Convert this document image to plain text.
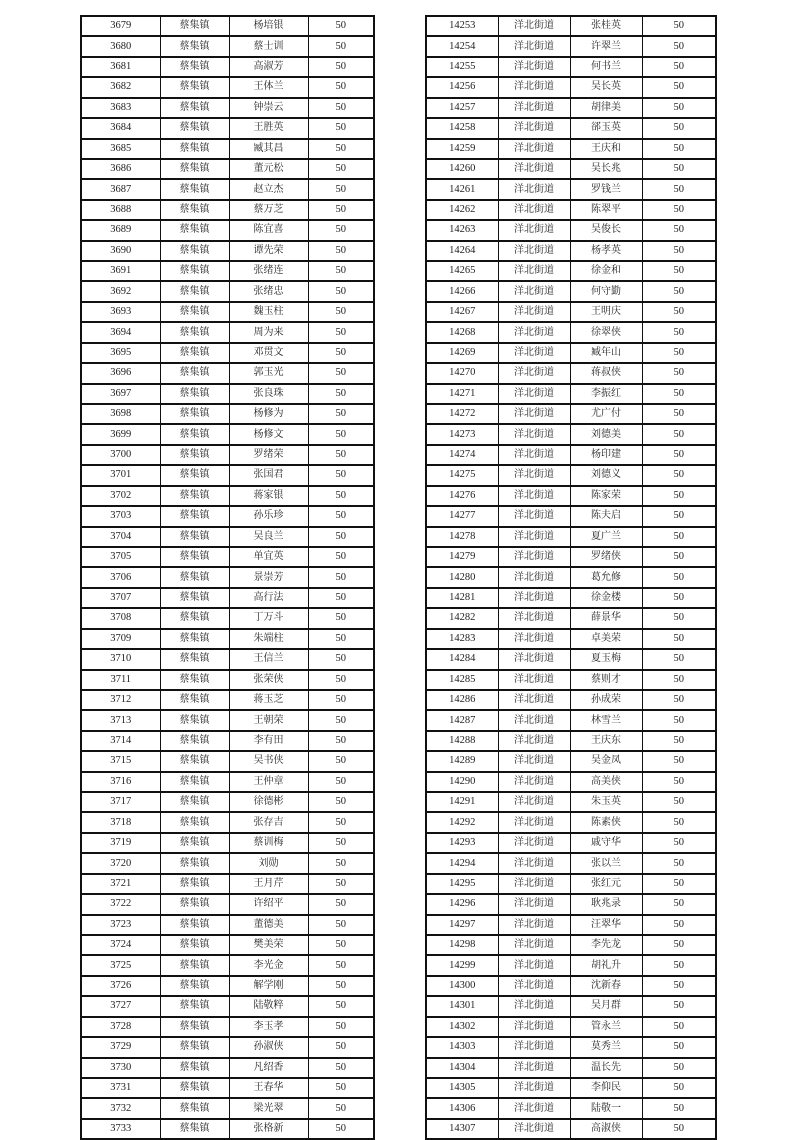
3679	蔡集镇	杨培银	50
3680	蔡集镇	蔡士训	50
3681	蔡集镇	高淑芳	50
3682	蔡集镇	王体兰	50
3683	蔡集镇	钟崇云	50
3684	蔡集镇	王胜英	50
3685	蔡集镇	臧其昌	50
3686	蔡集镇	董元松	50
3687	蔡集镇	赵立杰	50
3688	蔡集镇	蔡万芝	50
3689	蔡集镇	陈宜喜	50
3690	蔡集镇	谭先荣	50
3691	蔡集镇	张绪连	50
3692	蔡集镇	张绪忠	50
3693	蔡集镇	魏玉柱	50
3694	蔡集镇	周为来	50
3695	蔡集镇	邓贯文	50
3696	蔡集镇	郭玉光	50
3697	蔡集镇	张良珠	50
3698	蔡集镇	杨修为	50
3699	蔡集镇	杨修文	50
3700	蔡集镇	罗绪荣	50
3701	蔡集镇	张国君	50
3702	蔡集镇	蒋家银	50
3703	蔡集镇	孙乐珍	50
3704	蔡集镇	吴良兰	50
3705	蔡集镇	单宜英	50
3706	蔡集镇	景崇芳	50
3707	蔡集镇	高行法	50
3708	蔡集镇	丁万斗	50
3709	蔡集镇	朱端柱	50
3710	蔡集镇	王信兰	50
3711	蔡集镇	张荣侠	50
3712	蔡集镇	蒋玉芝	50
3713	蔡集镇	王朝荣	50
3714	蔡集镇	李有田	50
3715	蔡集镇	吴书侠	50
3716	蔡集镇	王仲章	50
3717	蔡集镇	徐德彬	50
3718	蔡集镇	张存吉	50
3719	蔡集镇	蔡训梅	50
3720	蔡集镇	刘勋	50
3721	蔡集镇	王月芹	50
3722	蔡集镇	许绍平	50
3723	蔡集镇	董德美	50
3724	蔡集镇	樊美荣	50
3725	蔡集镇	李光金	50
3726	蔡集镇	解学刚	50
3727	蔡集镇	陆敬粹	50
3728	蔡集镇	李玉孝	50
3729	蔡集镇	孙淑侠	50
3730	蔡集镇	凡绍香	50
3731	蔡集镇	王春华	50
3732	蔡集镇	梁光翠	50
3733	蔡集镇	张格新	50
14253	洋北街道	张桂英	50
14254	洋北街道	许翠兰	50
14255	洋北街道	何书兰	50
14256	洋北街道	吴长英	50
14257	洋北街道	胡律美	50
14258	洋北街道	郤玉英	50
14259	洋北街道	王庆和	50
14260	洋北街道	吴长兆	50
14261	洋北街道	罗钱兰	50
14262	洋北街道	陈翠平	50
14263	洋北街道	吴俊长	50
14264	洋北街道	杨孝英	50
14265	洋北街道	徐金和	50
14266	洋北街道	何守勤	50
14267	洋北街道	王明庆	50
14268	洋北街道	徐翠侠	50
14269	洋北街道	臧年山	50
14270	洋北街道	蒋叔侠	50
14271	洋北街道	李振红	50
14272	洋北街道	尤广付	50
14273	洋北街道	刘德美	50
14274	洋北街道	杨印建	50
14275	洋北街道	刘德义	50
14276	洋北街道	陈家荣	50
14277	洋北街道	陈夫启	50
14278	洋北街道	夏广兰	50
14279	洋北街道	罗绪侠	50
14280	洋北街道	葛允修	50
14281	洋北街道	徐金楼	50
14282	洋北街道	薛景华	50
14283	洋北街道	卓美荣	50
14284	洋北街道	夏玉梅	50
14285	洋北街道	蔡则才	50
14286	洋北街道	孙成荣	50
14287	洋北街道	林雪兰	50
14288	洋北街道	王庆东	50
14289	洋北街道	吴金凤	50
14290	洋北街道	高美侠	50
14291	洋北街道	朱玉英	50
14292	洋北街道	陈素侠	50
14293	洋北街道	戚守华	50
14294	洋北街道	张以兰	50
14295	洋北街道	张红元	50
14296	洋北街道	耿兆录	50
14297	洋北街道	汪翠华	50
14298	洋北街道	李先龙	50
14299	洋北街道	胡礼升	50
14300	洋北街道	沈新春	50
14301	洋北街道	吴月群	50
14302	洋北街道	管永兰	50
14303	洋北街道	莫秀兰	50
14304	洋北街道	温长先	50
14305	洋北街道	李仰民	50
14306	洋北街道	陆敬一	50
14307	洋北街道	高淑侠	50
